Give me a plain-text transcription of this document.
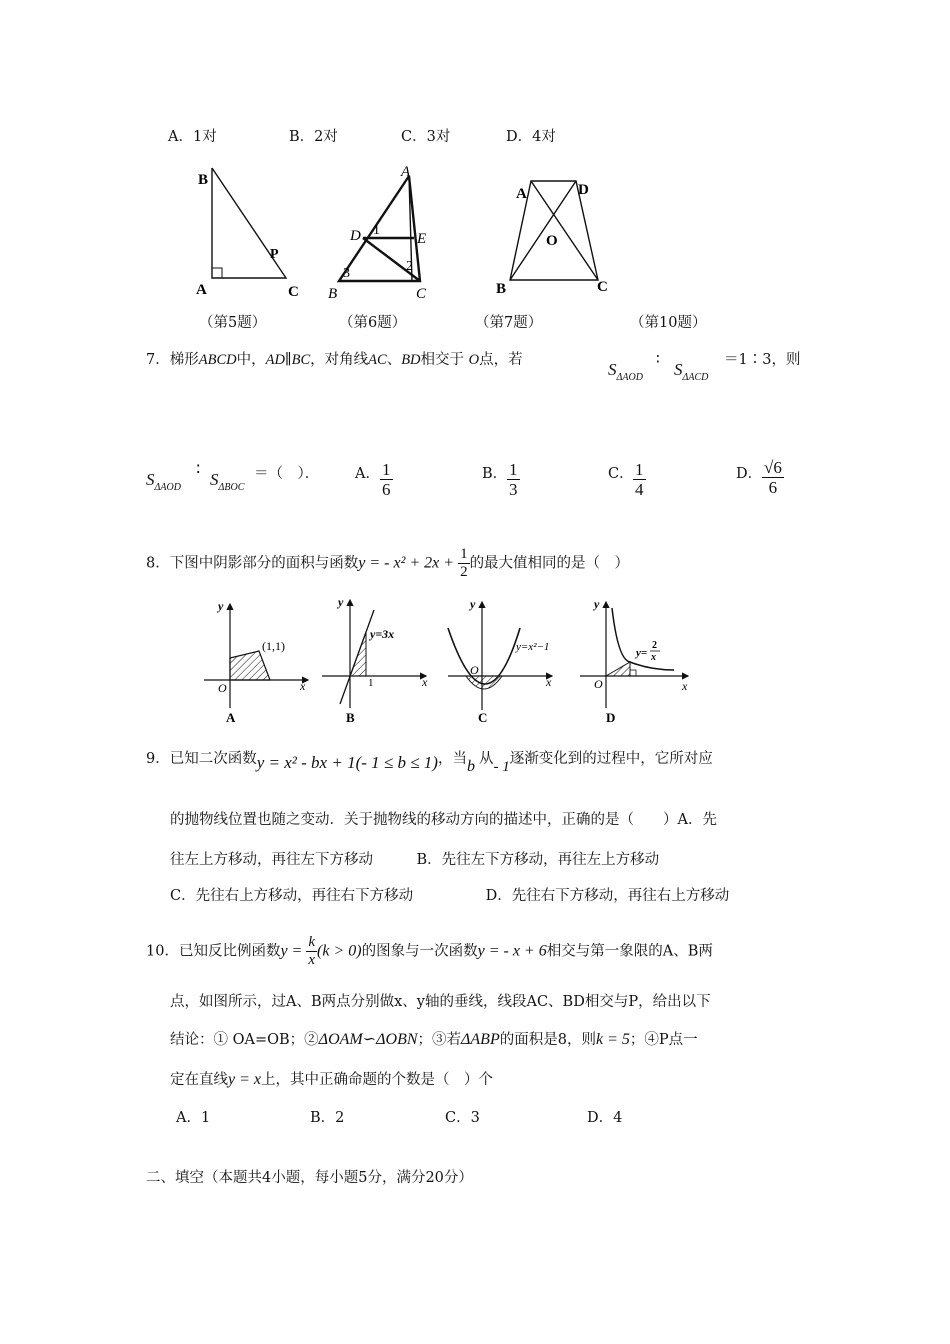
A．1对	B．2对	C．3对	D．4对
B
A	C
P
A
D	E
B	C
1
2
3
A	D
O
B	C
（第5题）	（第6题）	（第7题）	（第10题）
7．梯形ABCD中，AD∥BC，对角线AC、BD相交于 O点，若	$S_{\Delta AOD}$
∶ $S_{\Delta ACD}$
＝1∶3，则
$S_{\Delta AOD}$
∶ $S_{\Delta BOC}$
＝（　）． A． $\frac{1}{6}$	B． $\frac{1}{3}$	C． $\frac{1}{4}$	D． $\frac{√6}{6}$
8．下图中阴影部分的面积与函数y = - $x^2 + 2x + \frac{1}{2}$ 的最大值相同的是（　）
y
x
O
(1,1)
A
y
x
1
y=3x
B
y
x
O
y=x²−1
C
y
x
O
y=
2
x
D
9．已知二次函数y = x² - bx + 1(- 1 ≤ b ≤ 1)，当b 从- 1逐渐变化到的过程中，它所对应
的抛物线位置也随之变动．关于抛物线的移动方向的描述中，正确的是（　　）A．先
往左上方移动，再往左下方移动　　　B．先往左下方移动，再往左上方移动
C．先往右上方移动，再往右下方移动　　　　　D．先往右下方移动，再往右上方移动
10．已知反比例函数$y = \frac{k}{x} (k > 0)$的图象与一次函数y = - x + 6相交与第一象限的A、B两
点，如图所示，过A、B两点分别做x、y轴的垂线，线段AC、BD相交与P，给出以下
结论：① OA=OB；②ΔOAM∽ΔOBN；③若ΔABP的面积是8，则k = 5；④P点一
定在直线y = x上，其中正确命题的个数是（　）个
A．1	B．2	C．3	D．4
二、填空（本题共4小题，每小题5分，满分20分）
